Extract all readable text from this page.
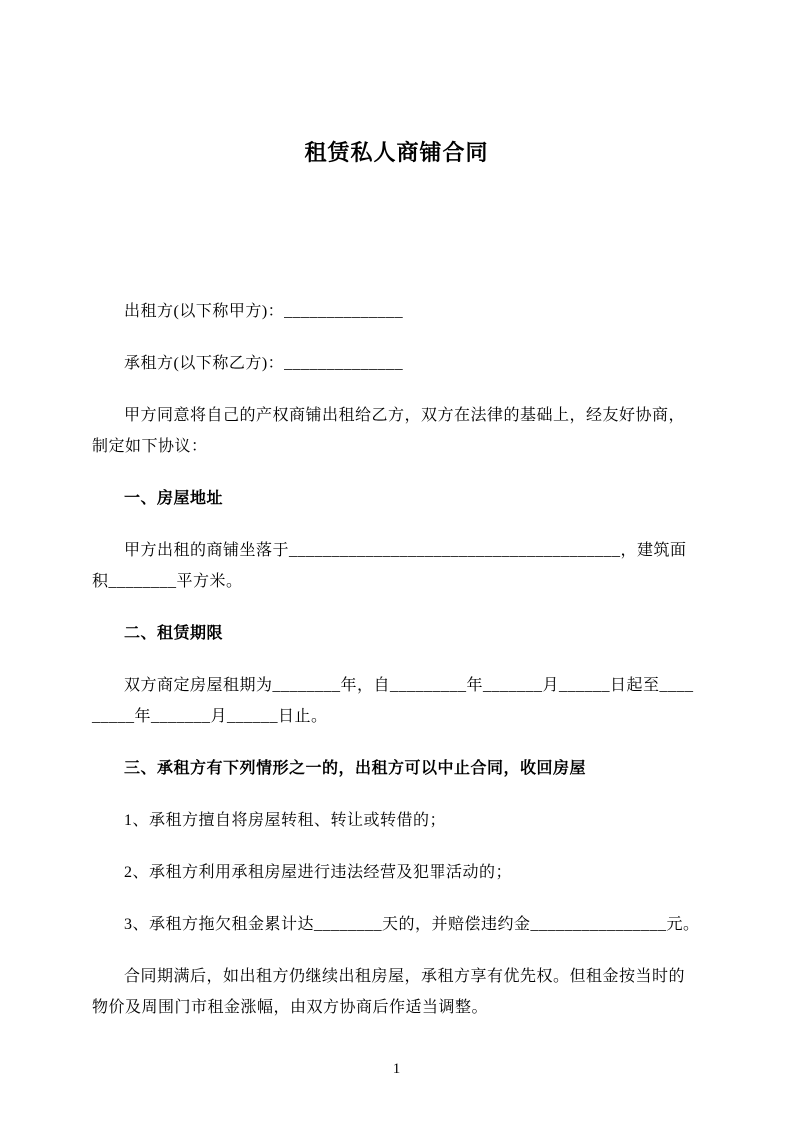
租赁私人商铺合同

出租方(以下称甲方)：______________

承租方(以下称乙方)：______________

甲方同意将自己的产权商铺出租给乙方，双方在法律的基础上，经友好协商，制定如下协议：

一、房屋地址

甲方出租的商铺坐落于_______________________________________，建筑面积________平方米。

二、租赁期限

双方商定房屋租期为________年，自_________年_______月______日起至_________年_______月______日止。

三、承租方有下列情形之一的，出租方可以中止合同，收回房屋

1、承租方擅自将房屋转租、转让或转借的；

2、承租方利用承租房屋进行违法经营及犯罪活动的；

3、承租方拖欠租金累计达________天的，并赔偿违约金________________元。

合同期满后，如出租方仍继续出租房屋，承租方享有优先权。但租金按当时的物价及周围门市租金涨幅，由双方协商后作适当调整。

1
